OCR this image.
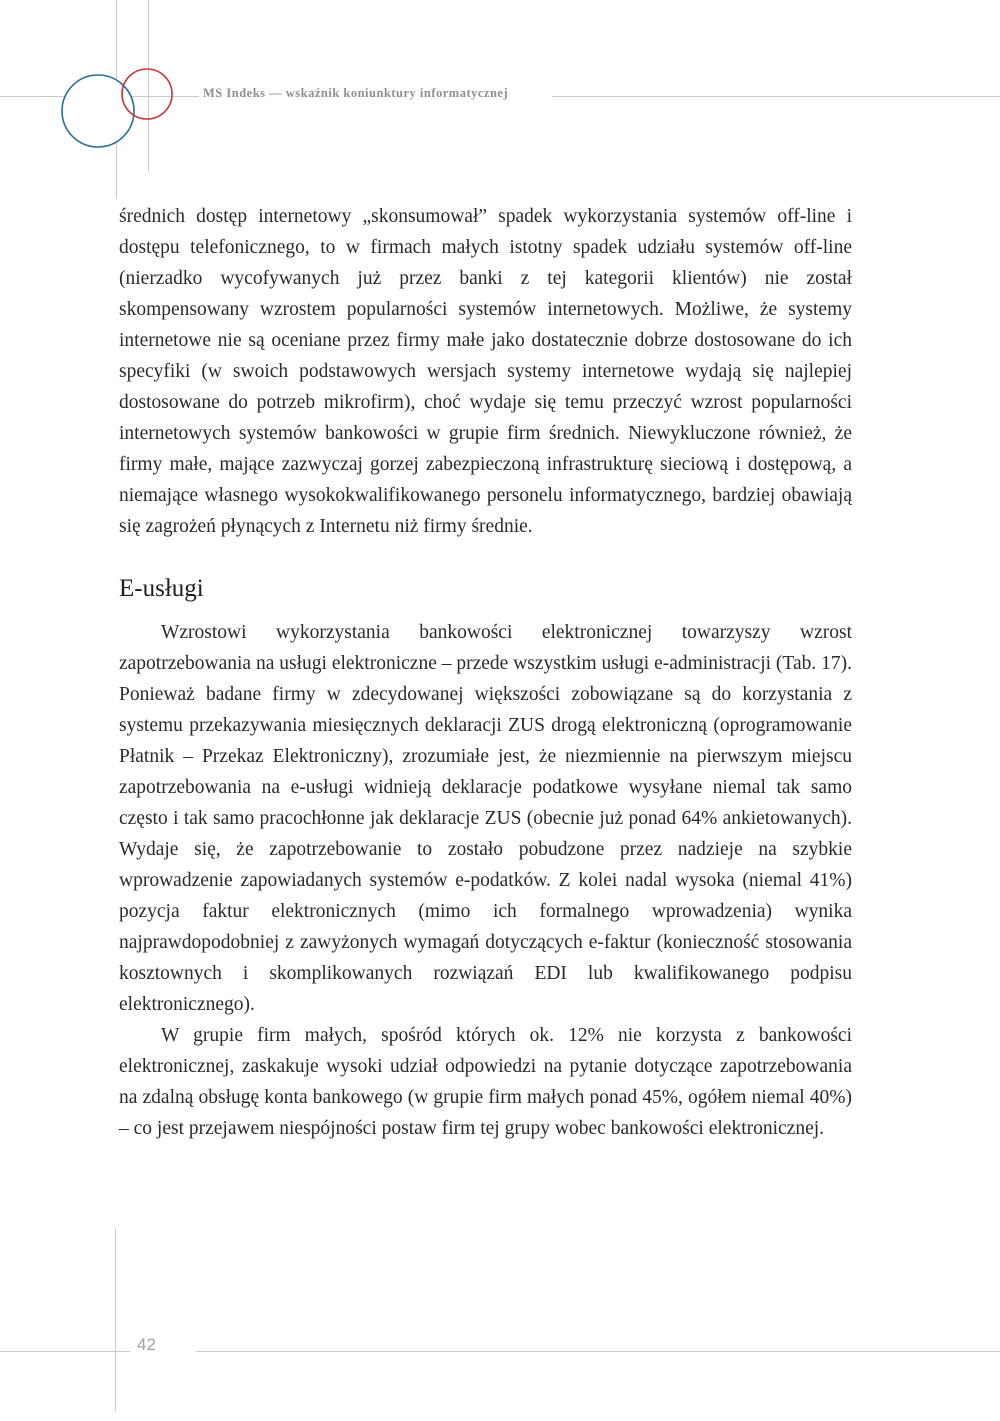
MS Indeks — wskaźnik koniunktury informatycznej

średnich dostęp internetowy „skonsumował” spadek wykorzystania systemów off-line i dostępu telefonicznego, to w firmach małych istotny spadek udziału systemów off-line (nierzadko wycofywanych już przez banki z tej kategorii klientów) nie został skompensowany wzrostem popularności systemów internetowych. Możliwe, że systemy internetowe nie są oceniane przez firmy małe jako dostatecznie dobrze dostosowane do ich specyfiki (w swoich podstawowych wersjach systemy internetowe wydają się najlepiej dostosowane do potrzeb mikrofirm), choć wydaje się temu przeczyć wzrost popularności internetowych systemów bankowości w grupie firm średnich. Niewykluczone również, że firmy małe, mające zazwyczaj gorzej zabezpieczoną infrastrukturę sieciową i dostępową, a niemające własnego wysokokwalifikowanego personelu informatycznego, bardziej obawiają się zagrożeń płynących z Internetu niż firmy średnie.

E-usługi

Wzrostowi wykorzystania bankowości elektronicznej towarzyszy wzrost zapotrzebowania na usługi elektroniczne – przede wszystkim usługi e-administracji (Tab. 17). Ponieważ badane firmy w zdecydowanej większości zobowiązane są do korzystania z systemu przekazywania miesięcznych deklaracji ZUS drogą elektroniczną (oprogramowanie Płatnik – Przekaz Elektroniczny), zrozumiałe jest, że niezmiennie na pierwszym miejscu zapotrzebowania na e-usługi widnieją deklaracje podatkowe wysyłane niemal tak samo często i tak samo pracochłonne jak deklaracje ZUS (obecnie już ponad 64% ankietowanych). Wydaje się, że zapotrzebowanie to zostało pobudzone przez nadzieje na szybkie wprowadzenie zapowiadanych systemów e-podatków. Z kolei nadal wysoka (niemal 41%) pozycja faktur elektronicznych (mimo ich formalnego wprowadzenia) wynika najprawdopodobniej z zawyżonych wymagań dotyczących e-faktur (konieczność stosowania kosztownych i skomplikowanych rozwiązań EDI lub kwalifikowanego podpisu elektronicznego).

W grupie firm małych, spośród których ok. 12% nie korzysta z bankowości elektronicznej, zaskakuje wysoki udział odpowiedzi na pytanie dotyczące zapotrzebowania na zdalną obsługę konta bankowego (w grupie firm małych ponad 45%, ogółem niemal 40%) – co jest przejawem niespójności postaw firm tej grupy wobec bankowości elektronicznej.

42
